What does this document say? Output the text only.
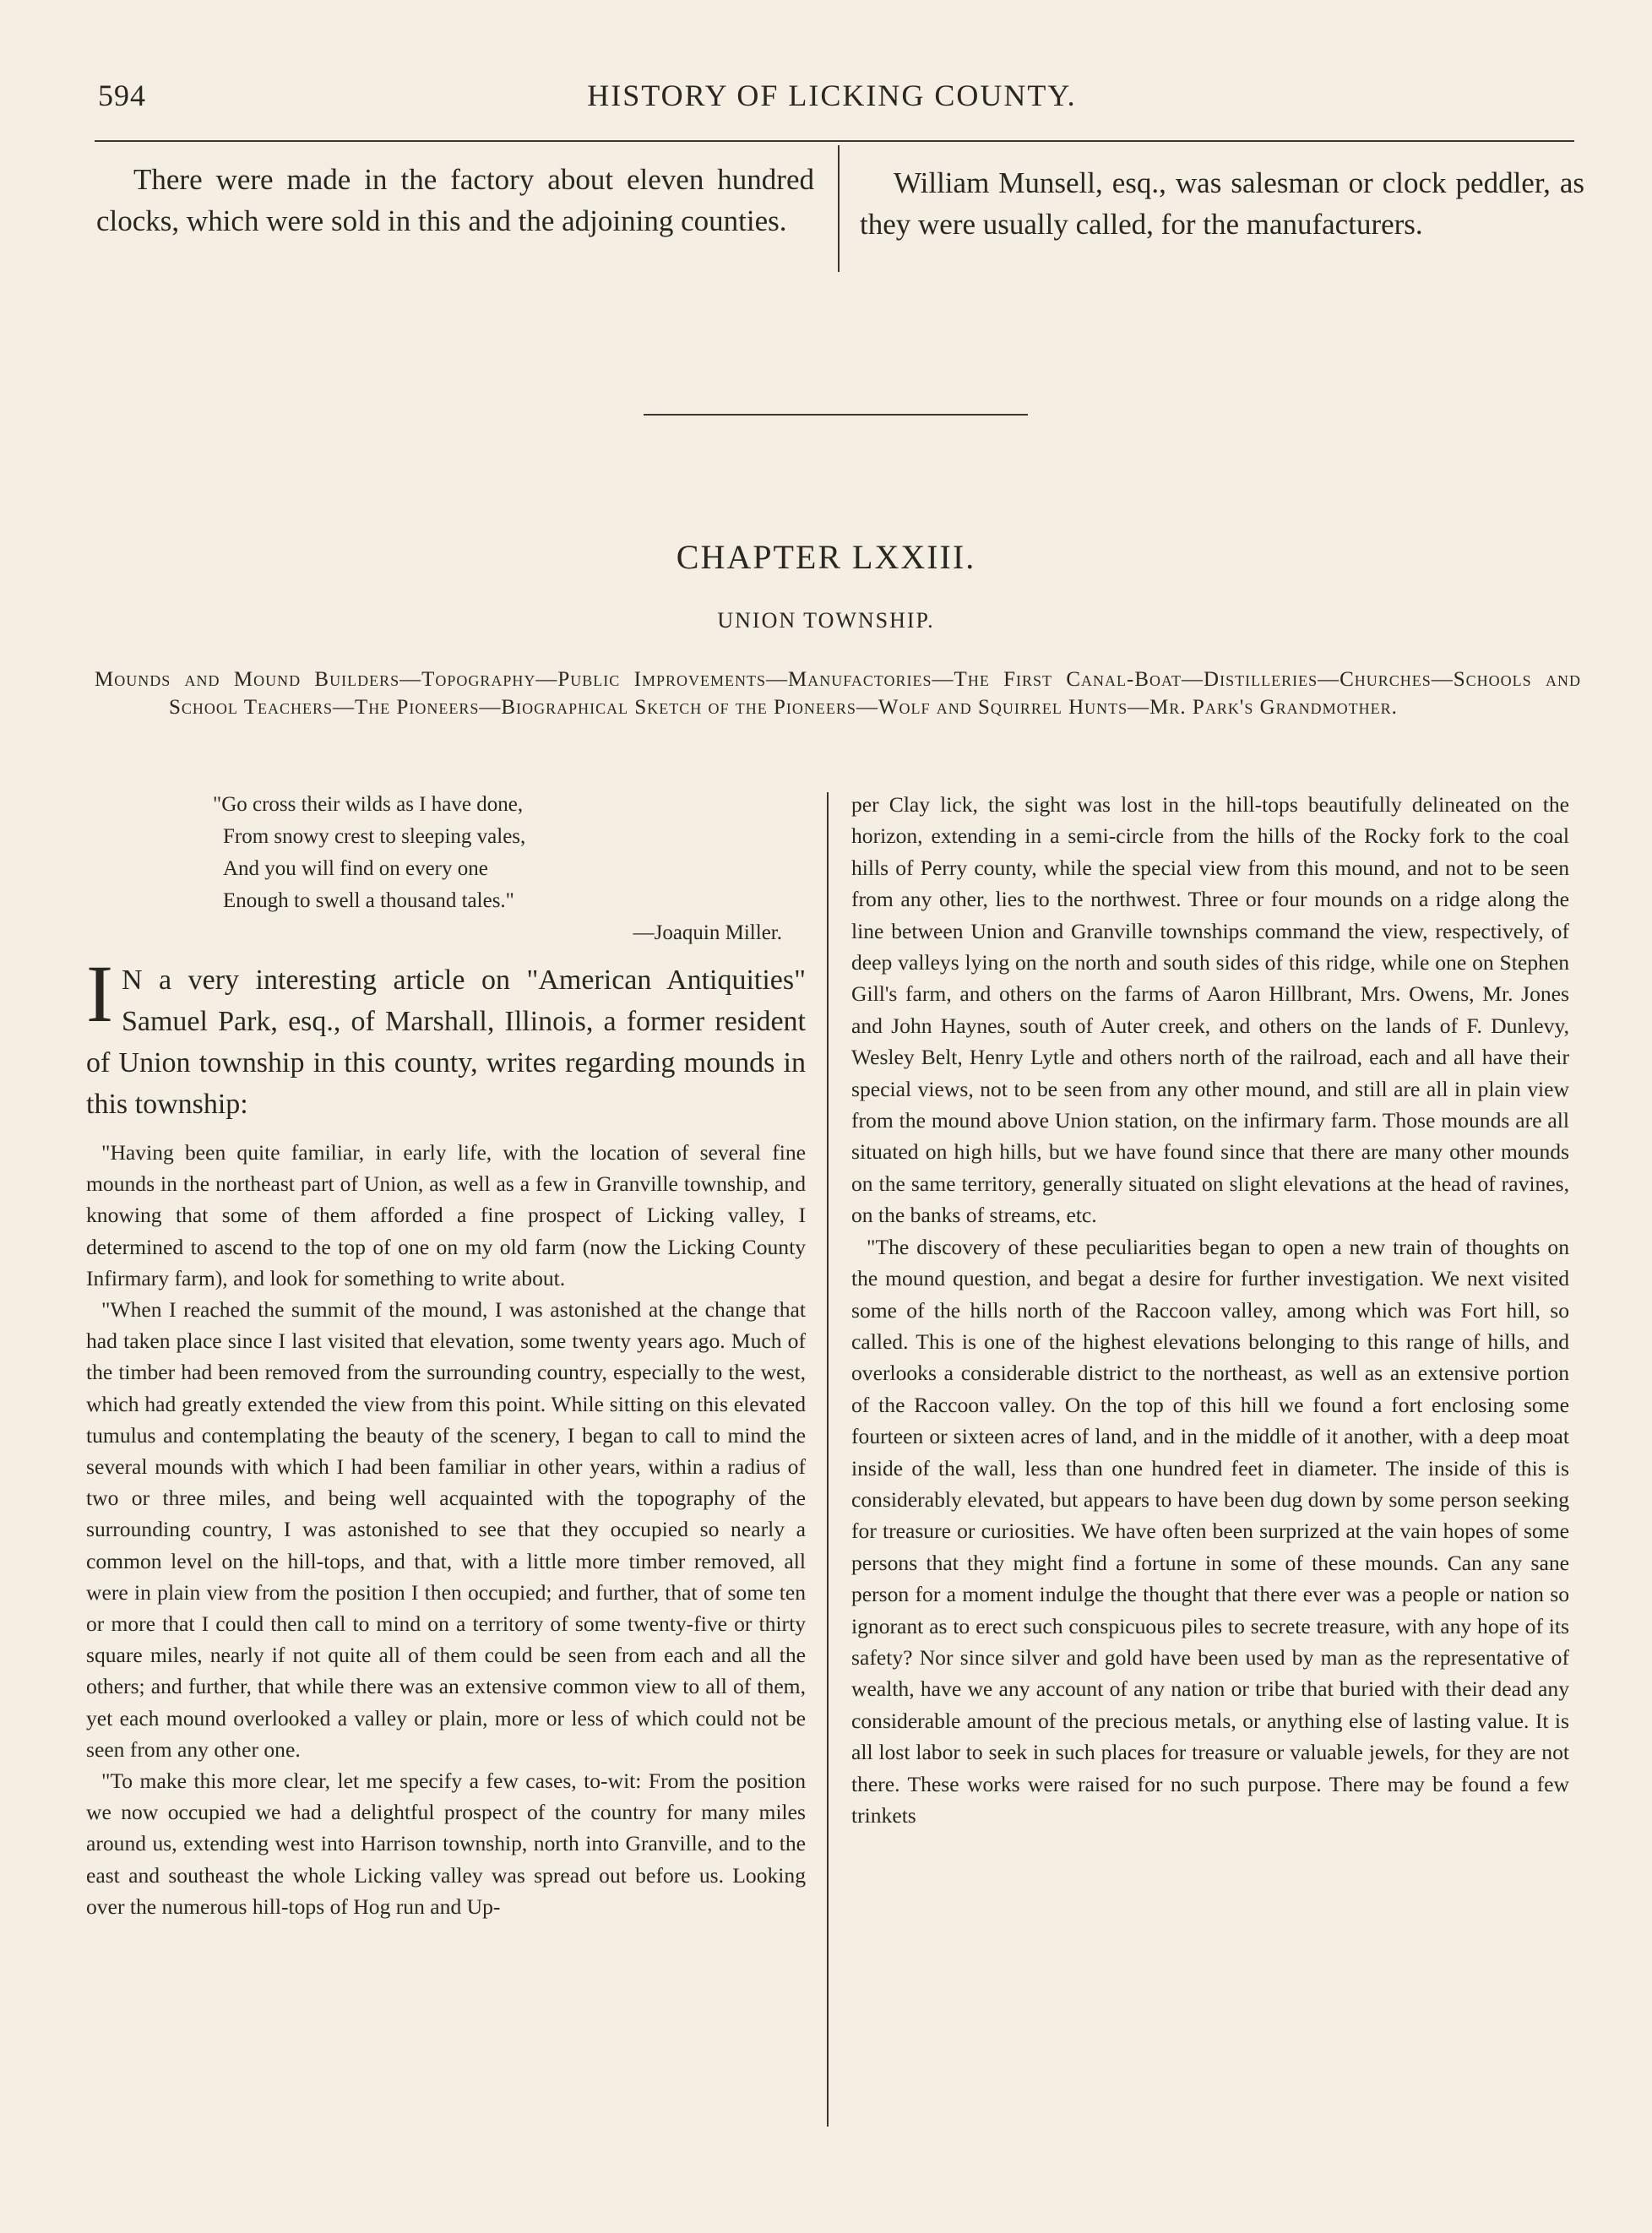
594	HISTORY OF LICKING COUNTY.

There were made in the factory about eleven hundred clocks, which were sold in this and the adjoining counties.

William Munsell, esq., was salesman or clock peddler, as they were usually called, for the manufacturers.

CHAPTER LXXIII.
UNION TOWNSHIP.
Mounds and Mound Builders—Topography—Public Improvements—Manufactories—The First Canal-Boat—Distilleries—Churches—Schools and School Teachers—The Pioneers—Biographical Sketch of the Pioneers—Wolf and Squirrel Hunts—Mr. Park's Grandmother.
"Go cross their wilds as I have done,
From snowy crest to sleeping vales,
And you will find on every one
Enough to swell a thousand tales."
—Joaquin Miller.
I N a very interesting article on "American Antiquities" Samuel Park, esq., of Marshall, Illinois, a former resident of Union township in this county, writes regarding mounds in this township:

"Having been quite familiar, in early life, with the location of several fine mounds in the northeast part of Union, as well as a few in Granville township, and knowing that some of them afforded a fine prospect of Licking valley, I determined to ascend to the top of one on my old farm (now the Licking County Infirmary farm), and look for something to write about.

"When I reached the summit of the mound, I was astonished at the change that had taken place since I last visited that elevation, some twenty years ago. Much of the timber had been removed from the surrounding country, especially to the west, which had greatly extended the view from this point. While sitting on this elevated tumulus and contemplating the beauty of the scenery, I began to call to mind the several mounds with which I had been familiar in other years, within a radius of two or three miles, and being well acquainted with the topography of the surrounding country, I was astonished to see that they occupied so nearly a common level on the hill-tops, and that, with a little more timber removed, all were in plain view from the position I then occupied; and further, that of some ten or more that I could then call to mind on a territory of some twenty-five or thirty square miles, nearly if not quite all of them could be seen from each and all the others; and further, that while there was an extensive common view to all of them, yet each mound overlooked a valley or plain, more or less of which could not be seen from any other one.

"To make this more clear, let me specify a few cases, to-wit: From the position we now occupied we had a delightful prospect of the country for many miles around us, extending west into Harrison township, north into Granville, and to the east and southeast the whole Licking valley was spread out before us. Looking over the numerous hill-tops of Hog run and Up-

per Clay lick, the sight was lost in the hill-tops beautifully delineated on the horizon, extending in a semi-circle from the hills of the Rocky fork to the coal hills of Perry county, while the special view from this mound, and not to be seen from any other, lies to the northwest. Three or four mounds on a ridge along the line between Union and Granville townships command the view, respectively, of deep valleys lying on the north and south sides of this ridge, while one on Stephen Gill's farm, and others on the farms of Aaron Hillbrant, Mrs. Owens, Mr. Jones and John Haynes, south of Auter creek, and others on the lands of F. Dunlevy, Wesley Belt, Henry Lytle and others north of the railroad, each and all have their special views, not to be seen from any other mound, and still are all in plain view from the mound above Union station, on the infirmary farm. Those mounds are all situated on high hills, but we have found since that there are many other mounds on the same territory, generally situated on slight elevations at the head of ravines, on the banks of streams, etc.

"The discovery of these peculiarities began to open a new train of thoughts on the mound question, and begat a desire for further investigation. We next visited some of the hills north of the Raccoon valley, among which was Fort hill, so called. This is one of the highest elevations belonging to this range of hills, and overlooks a considerable district to the northeast, as well as an extensive portion of the Raccoon valley. On the top of this hill we found a fort enclosing some fourteen or sixteen acres of land, and in the middle of it another, with a deep moat inside of the wall, less than one hundred feet in diameter. The inside of this is considerably elevated, but appears to have been dug down by some person seeking for treasure or curiosities. We have often been surprized at the vain hopes of some persons that they might find a fortune in some of these mounds. Can any sane person for a moment indulge the thought that there ever was a people or nation so ignorant as to erect such conspicuous piles to secrete treasure, with any hope of its safety? Nor since silver and gold have been used by man as the representative of wealth, have we any account of any nation or tribe that buried with their dead any considerable amount of the precious metals, or anything else of lasting value. It is all lost labor to seek in such places for treasure or valuable jewels, for they are not there. These works were raised for no such purpose. There may be found a few trinkets
